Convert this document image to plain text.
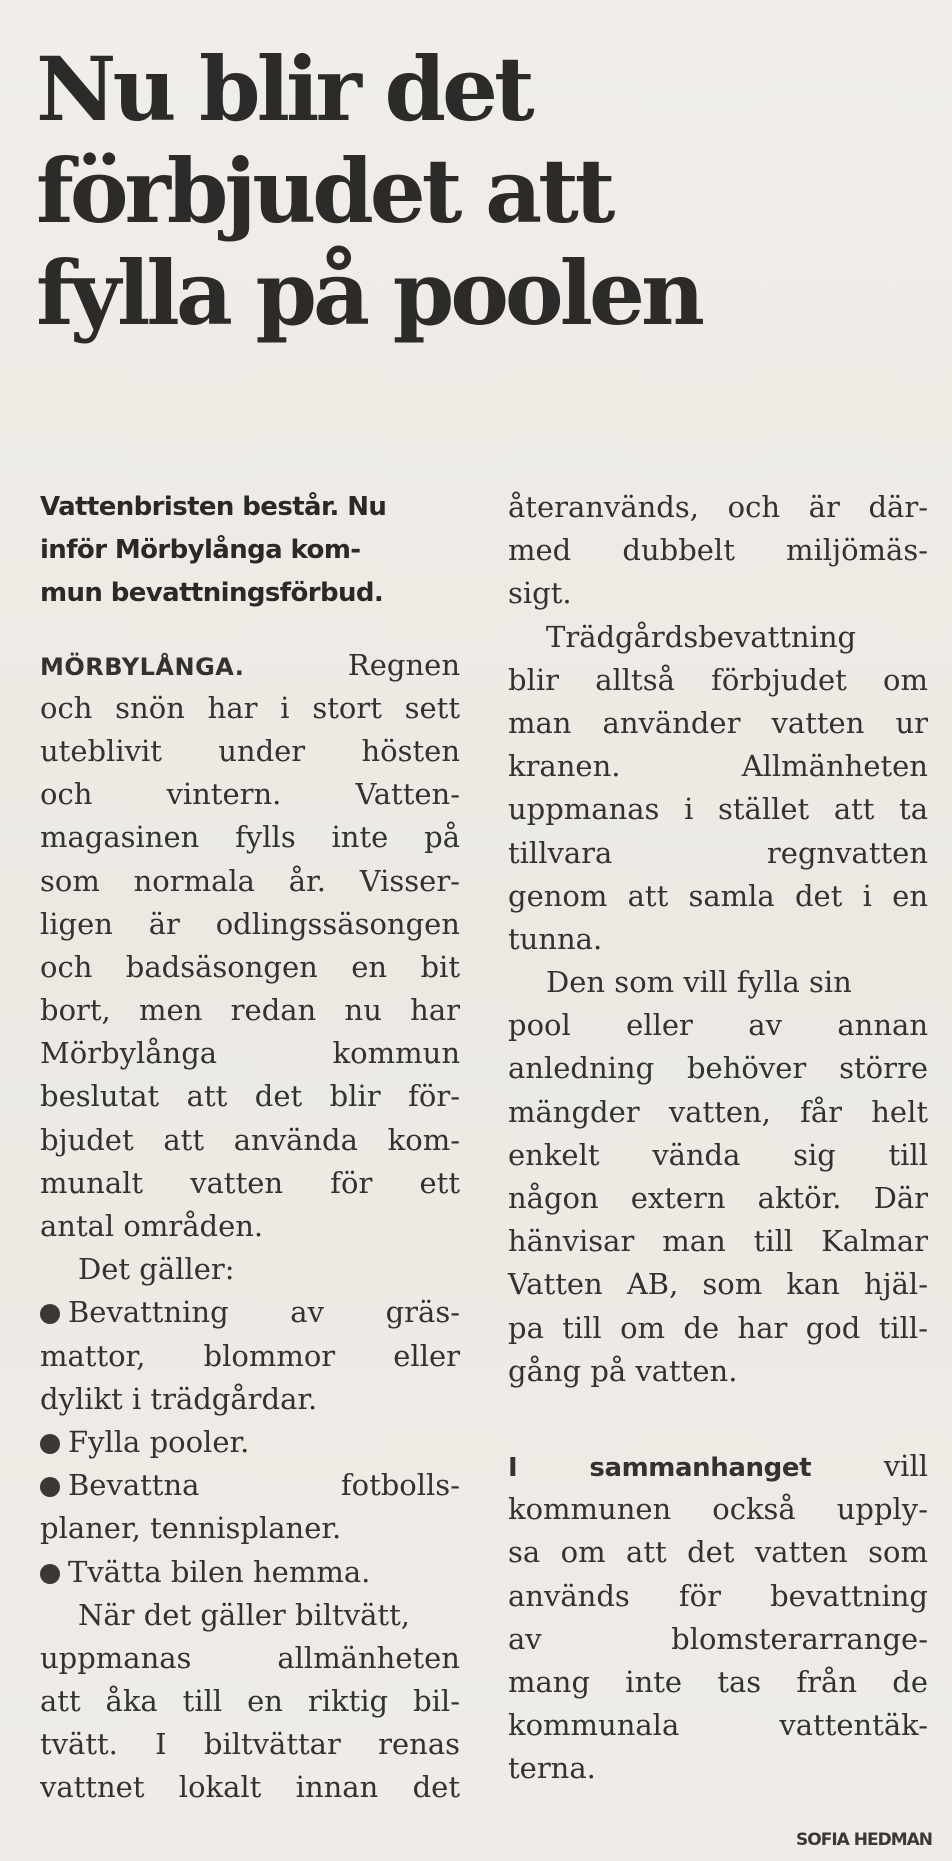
Nu blir det
förbjudet att
fylla på poolen
Vattenbristen består. Nu
inför Mörbylånga kom-
mun bevattningsförbud.
MÖRBYLÅNGA.	Regnen
och snön har i stort sett
uteblivit under hösten
och vintern. Vatten-
magasinen fylls inte på
som normala år. Visser-
ligen är odlingssäsongen
och badsäsongen en bit
bort, men redan nu har
Mörbylånga kommun
beslutat att det blir för-
bjudet att använda kom-
munalt vatten för ett
antal områden.
Det gäller:
Bevattning av gräs-
mattor, blommor eller
dylikt i trädgårdar.
Fylla pooler.
Bevattna fotbolls-
planer, tennisplaner.
Tvätta bilen hemma.
När det gäller biltvätt,
uppmanas allmänheten
att åka till en riktig bil-
tvätt. I biltvättar renas
vattnet lokalt innan det
återanvänds, och är där-
med dubbelt miljömäs-
sigt.
Trädgårdsbevattning
blir alltså förbjudet om
man använder vatten ur
kranen. Allmänheten
uppmanas i stället att ta
tillvara regnvatten
genom att samla det i en
tunna.
Den som vill fylla sin
pool eller av annan
anledning behöver större
mängder vatten, får helt
enkelt vända sig till
någon extern aktör. Där
hänvisar man till Kalmar
Vatten AB, som kan hjäl-
pa till om de har god till-
gång på vatten.
I sammanhanget	vill
kommunen också upply-
sa om att det vatten som
används för bevattning
av blomsterarrange-
mang inte tas från de
kommunala vattentäk-
terna.
SOFIA HEDMAN
